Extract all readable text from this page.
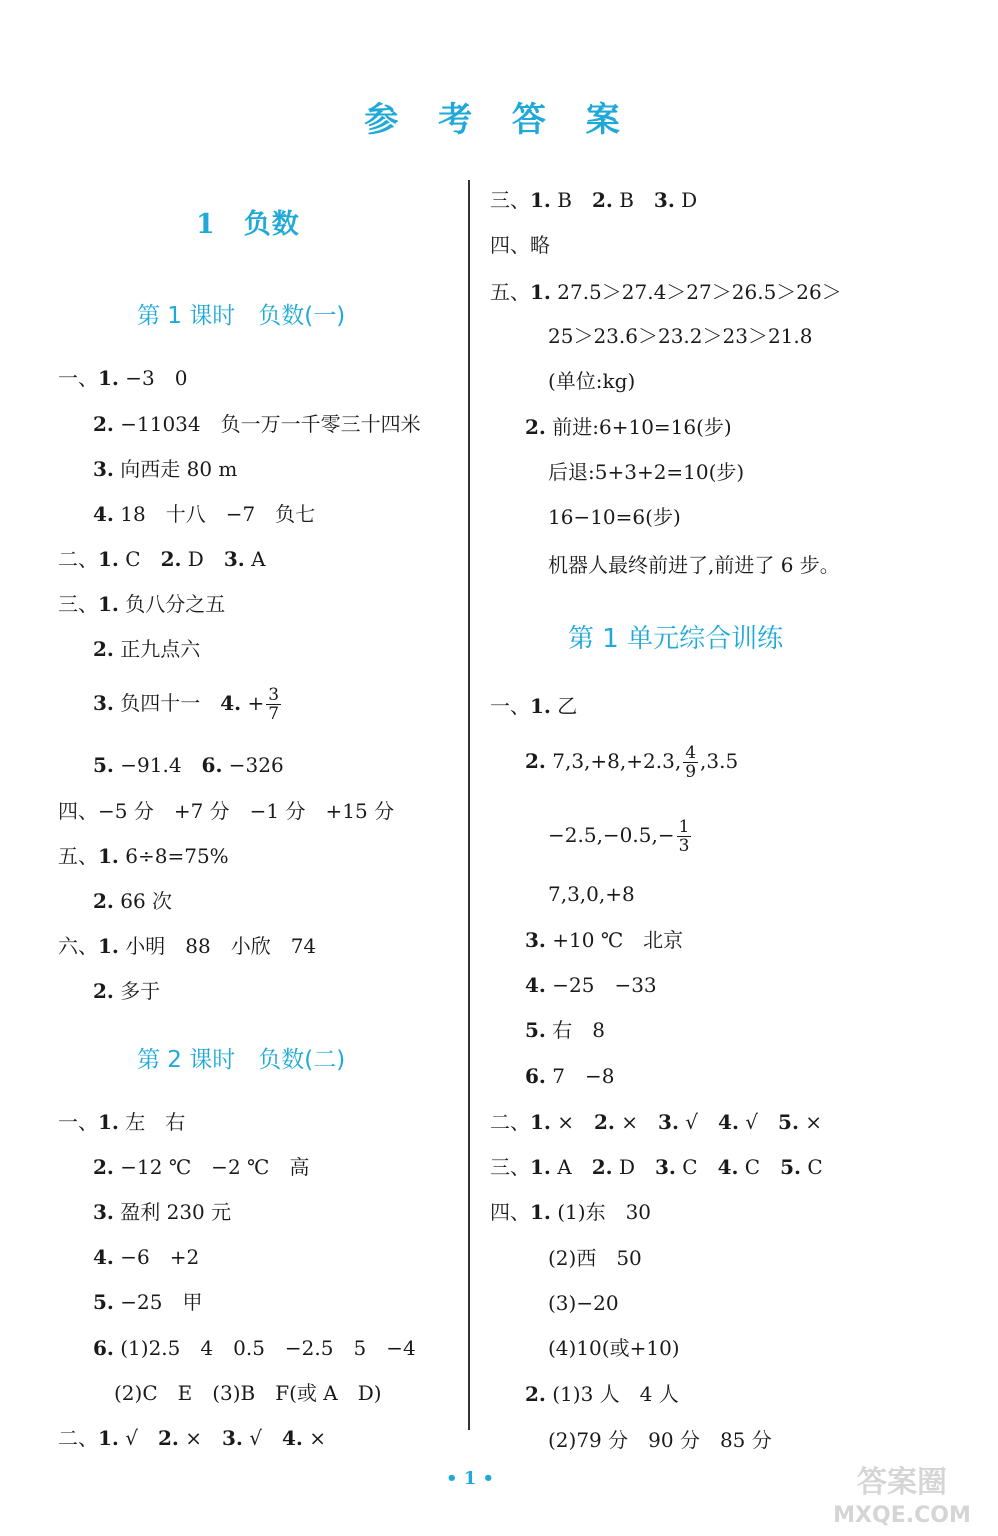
参 考 答 案
1　负数
第 1 课时　负数(一)
第 2 课时　负数(二)
第 1 单元综合训练
一、1. −3　0
2. −11034　负一万一千零三十四米
3. 向西走 80 m
4. 18　十八　−7　负七
二、1. C　2. D　3. A
三、1. 负八分之五
2. 正九点六
3. 负四十一　4. + $\frac{3}{7}$
5. −91.4　6. −326
四、−5 分　+7 分　−1 分　+15 分
五、1. 6÷8=75%
2. 66 次
六、1. 小明　88　小欣　74
2. 多于
一、1. 左　右
2. −12 ℃　−2 ℃　高
3. 盈利 230 元
4. −6　+2
5. −25　甲
6. (1)2.5　4　0.5　−2.5　5　−4
(2)C　E　(3)B　F(或 A　D)
二、1. √　2. ×　3. √　4. ×
三、1. B　2. B　3. D
四、略
五、1. 27.5＞27.4＞27＞26.5＞26＞
25＞23.6＞23.2＞23＞21.8
(单位:kg)
2. 前进:6+10=16(步)
后退:5+3+2=10(步)
16−10=6(步)
机器人最终前进了,前进了 6 步。
一、1. 乙
2. 7,3,+8,+2.3, $\frac{4}{9} ,3.5$
$-2.5,-0.5,- \frac{1}{3}$
7,3,0,+8
3. +10 ℃　北京
4. −25　−33
5. 右　8
6. 7　−8
二、1. ×　2. ×　3. √　4. √　5. ×
三、1. A　2. D　3. C　4. C　5. C
四、1. (1)东　30
(2)西　50
(3)−20
(4)10(或+10)
2. (1)3 人　4 人
(2)79 分　90 分　85 分
• 1 •	答案圈
MXQE.COM
